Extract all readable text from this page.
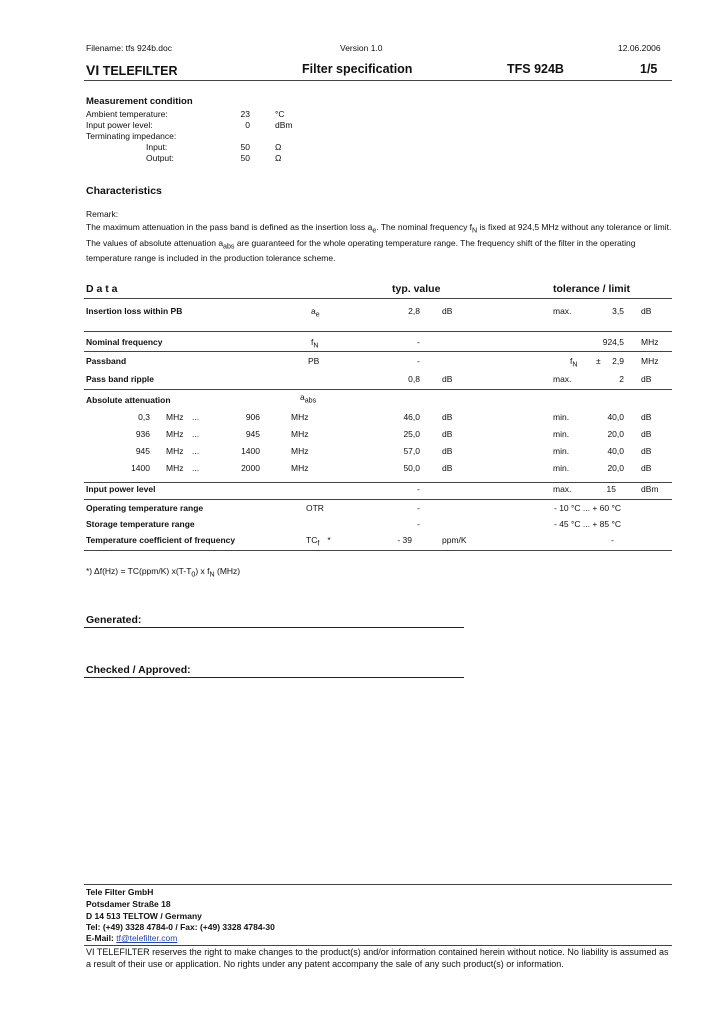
Filename: tfs 924b.doc	Version 1.0	12.06.2006
VI TELEFILTER	Filter specification	TFS 924B	1/5
Measurement condition
Ambient temperature:	23	°C
Input power level:	0	dBm
Terminating impedance:
Input:	50	Ω
Output:	50	Ω
Characteristics
Remark:
The maximum attenuation in the pass band is defined as the insertion loss $a_e$. The nominal frequency $f_N$ is fixed at 924,5 MHz without any tolerance or limit. The values of absolute attenuation $a_{abs}$ are guaranteed for the whole operating temperature range. The frequency shift of the filter in the operating temperature range is included in the production tolerance scheme.
D a t a	typ. value	tolerance / limit
Insertion loss within PB	$a_e$	2,8	dB	max.	3,5 dB
Nominal frequency	$f_N$	-	924,5 MHz
Passband	PB	-	$f_N$ ±	2,9 MHz
Pass band ripple	0,8	dB	max.	2 dB
Absolute attenuation	$a_{abs}$
0,3 MHz ...	906	MHz	46,0	dB	min.	40,0 dB
936 MHz ...	945	MHz	25,0	dB	min.	20,0 dB
945 MHz ...	1400	MHz	57,0	dB	min.	40,0 dB
1400 MHz ...	2000	MHz	50,0	dB	min.	20,0 dB
Input power level	-	max.	15	dBm
Operating temperature range	OTR	-	- 10 °C ... + 60 °C
Storage temperature range	-	- 45 °C ... + 85 °C
Temperature coefficient of frequency	$TC_f$ *	- 39	ppm/K	-
*) Δf(Hz) = TC(ppm/K) $x(T-T_0)$ x $f_N$ (MHz)
Generated:
Checked / Approved:
Tele Filter GmbH
Potsdamer Straße 18
D 14 513 TELTOW / Germany
Tel: (+49) 3328 4784-0 / Fax: (+49) 3328 4784-30
E-Mail: tf@telefilter.com
VI TELEFILTER reserves the right to make changes to the product(s) and/or information contained herein without notice. No liability is assumed as a result of their use or application. No rights under any patent accompany the sale of any such product(s) or information.
